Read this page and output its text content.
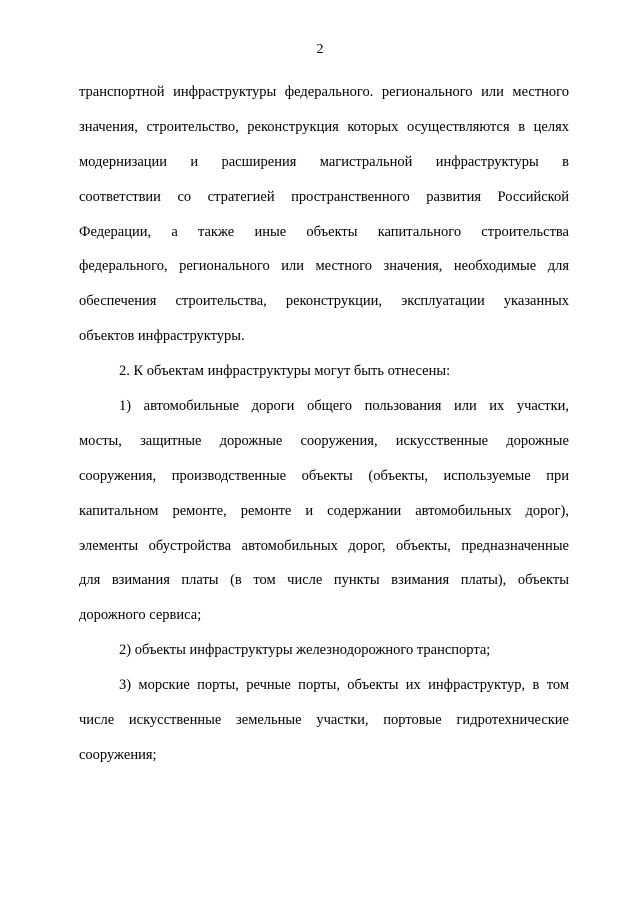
2
транспортной инфраструктуры федерального. регионального или местного
значения, строительство, реконструкция которых осуществляются в целях
модернизации и расширения магистральной инфраструктуры в
соответствии со стратегией пространственного развития Российской
Федерации, а также иные объекты капитального строительства
федерального, регионального или местного значения, необходимые для
обеспечения строительства, реконструкции, эксплуатации указанных
объектов инфраструктуры.
2. К объектам инфраструктуры могут быть отнесены:
1) автомобильные дороги общего пользования или их участки,
мосты, защитные дорожные сооружения, искусственные дорожные
сооружения, производственные объекты (объекты, используемые при
капитальном ремонте, ремонте и содержании автомобильных дорог),
элементы обустройства автомобильных дорог, объекты, предназначенные
для взимания платы (в том числе пункты взимания платы), объекты
дорожного сервиса;
2) объекты инфраструктуры железнодорожного транспорта;
3) морские порты, речные порты, объекты их инфраструктур, в том
числе искусственные земельные участки, портовые гидротехнические
сооружения;
